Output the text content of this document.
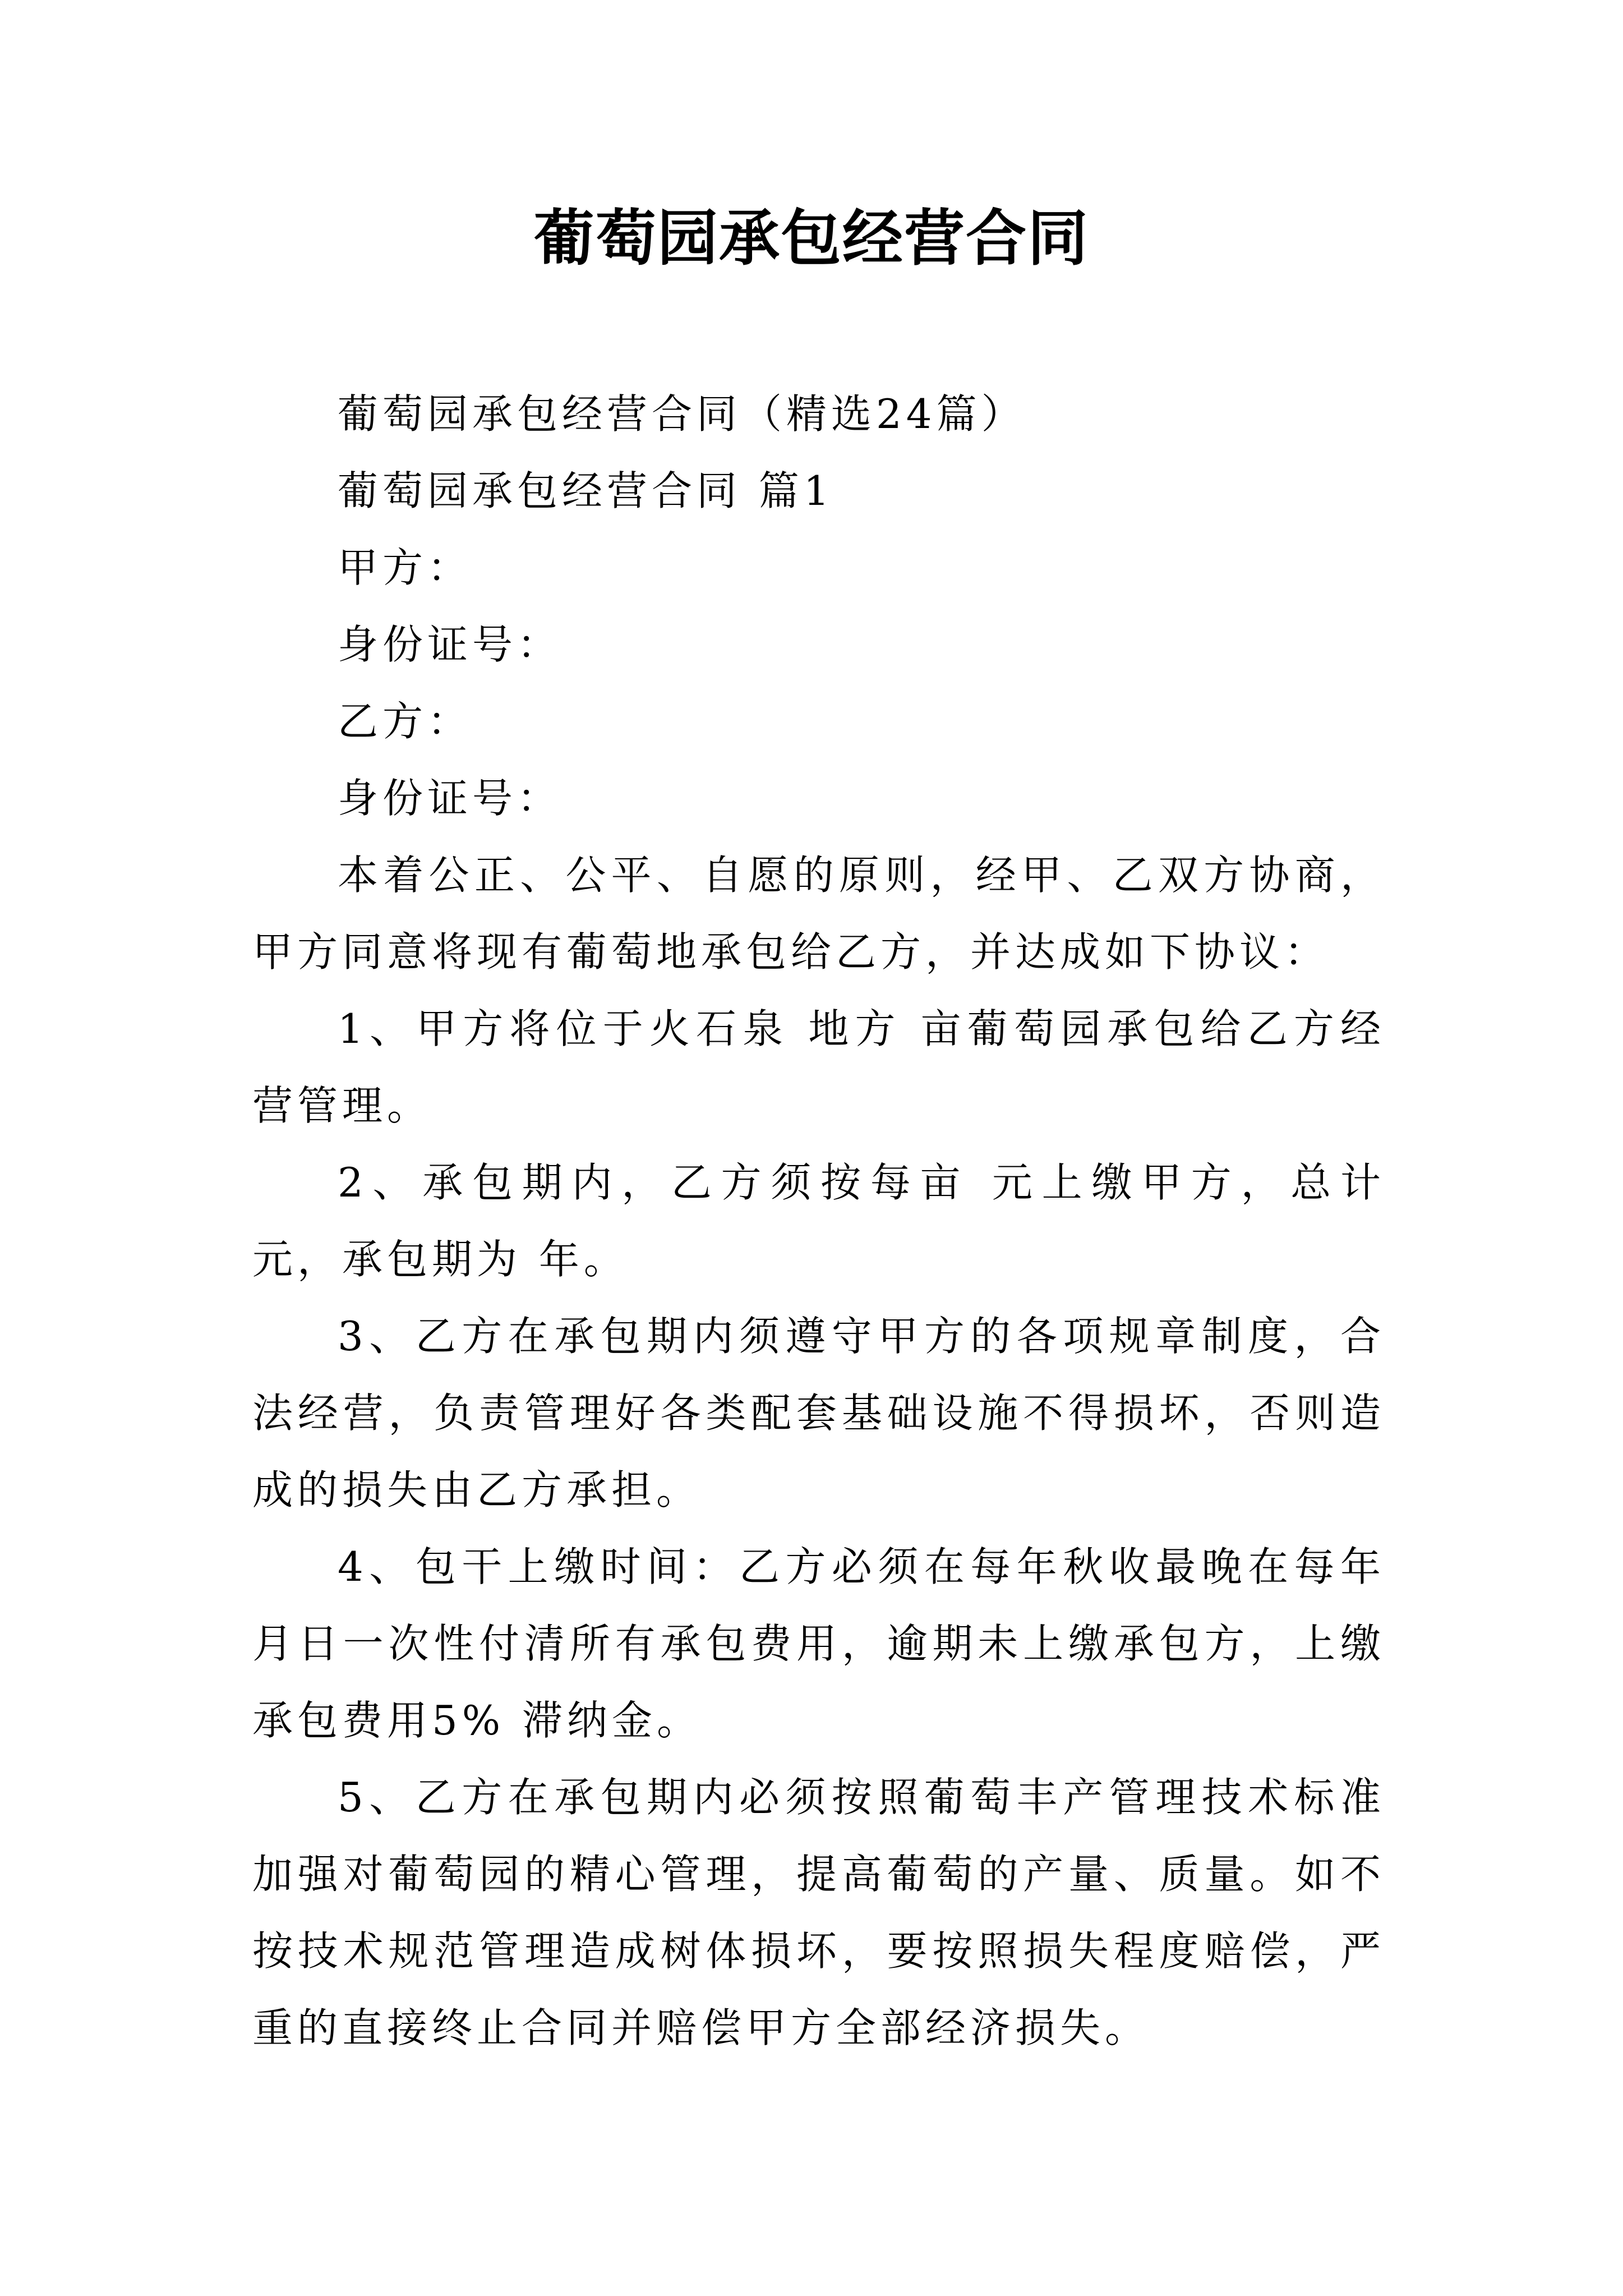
葡萄园承包经营合同

葡萄园承包经营合同（精选24篇）

葡萄园承包经营合同 篇1

甲方：

身份证号：

乙方：

身份证号：

本着公正、公平、自愿的原则，经甲、乙双方协商，甲方同意将现有葡萄地承包给乙方，并达成如下协议：

1、甲方将位于火石泉 地方 亩葡萄园承包给乙方经营管理。

2、承包期内，乙方须按每亩 元上缴甲方，总计 元，承包期为 年。

3、乙方在承包期内须遵守甲方的各项规章制度，合法经营，负责管理好各类配套基础设施不得损坏，否则造成的损失由乙方承担。

4、包干上缴时间：乙方必须在每年秋收最晚在每年 月日一次性付清所有承包费用，逾期未上缴承包方，上缴承包费用5% 滞纳金。

5、乙方在承包期内必须按照葡萄丰产管理技术标准加强对葡萄园的精心管理，提高葡萄的产量、质量。如不按技术规范管理造成树体损坏，要按照损失程度赔偿，严重的直接终止合同并赔偿甲方全部经济损失。
